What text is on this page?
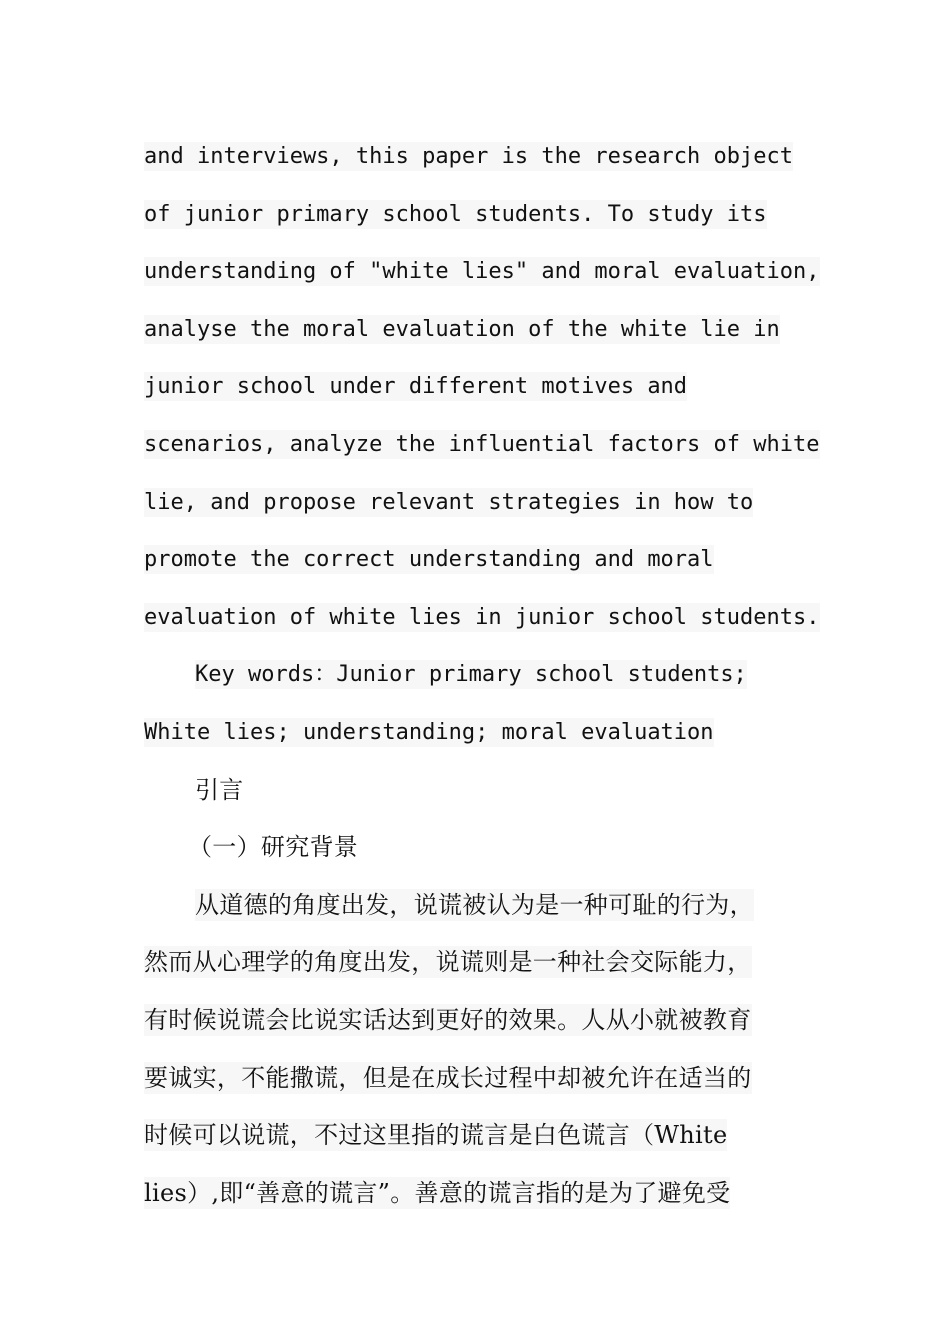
and interviews, this paper is the research object
of junior primary school students. To study its
understanding of "white lies" and moral evaluation,
analyse the moral evaluation of the white lie in
junior school under different motives and
scenarios, analyze the influential factors of white
lie, and propose relevant strategies in how to
promote the correct understanding and moral
evaluation of white lies in junior school students.
Key words：Junior primary school students;
White lies; understanding; moral evaluation
引言
（一）研究背景
从道德的角度出发，说谎被认为是一种可耻的行为，
然而从心理学的角度出发，说谎则是一种社会交际能力，
有时候说谎会比说实话达到更好的效果。人从小就被教育
要诚实，不能撒谎，但是在成长过程中却被允许在适当的
时候可以说谎，不过这里指的谎言是白色谎言（White
lies）,即“善意的谎言”。善意的谎言指的是为了避免受
